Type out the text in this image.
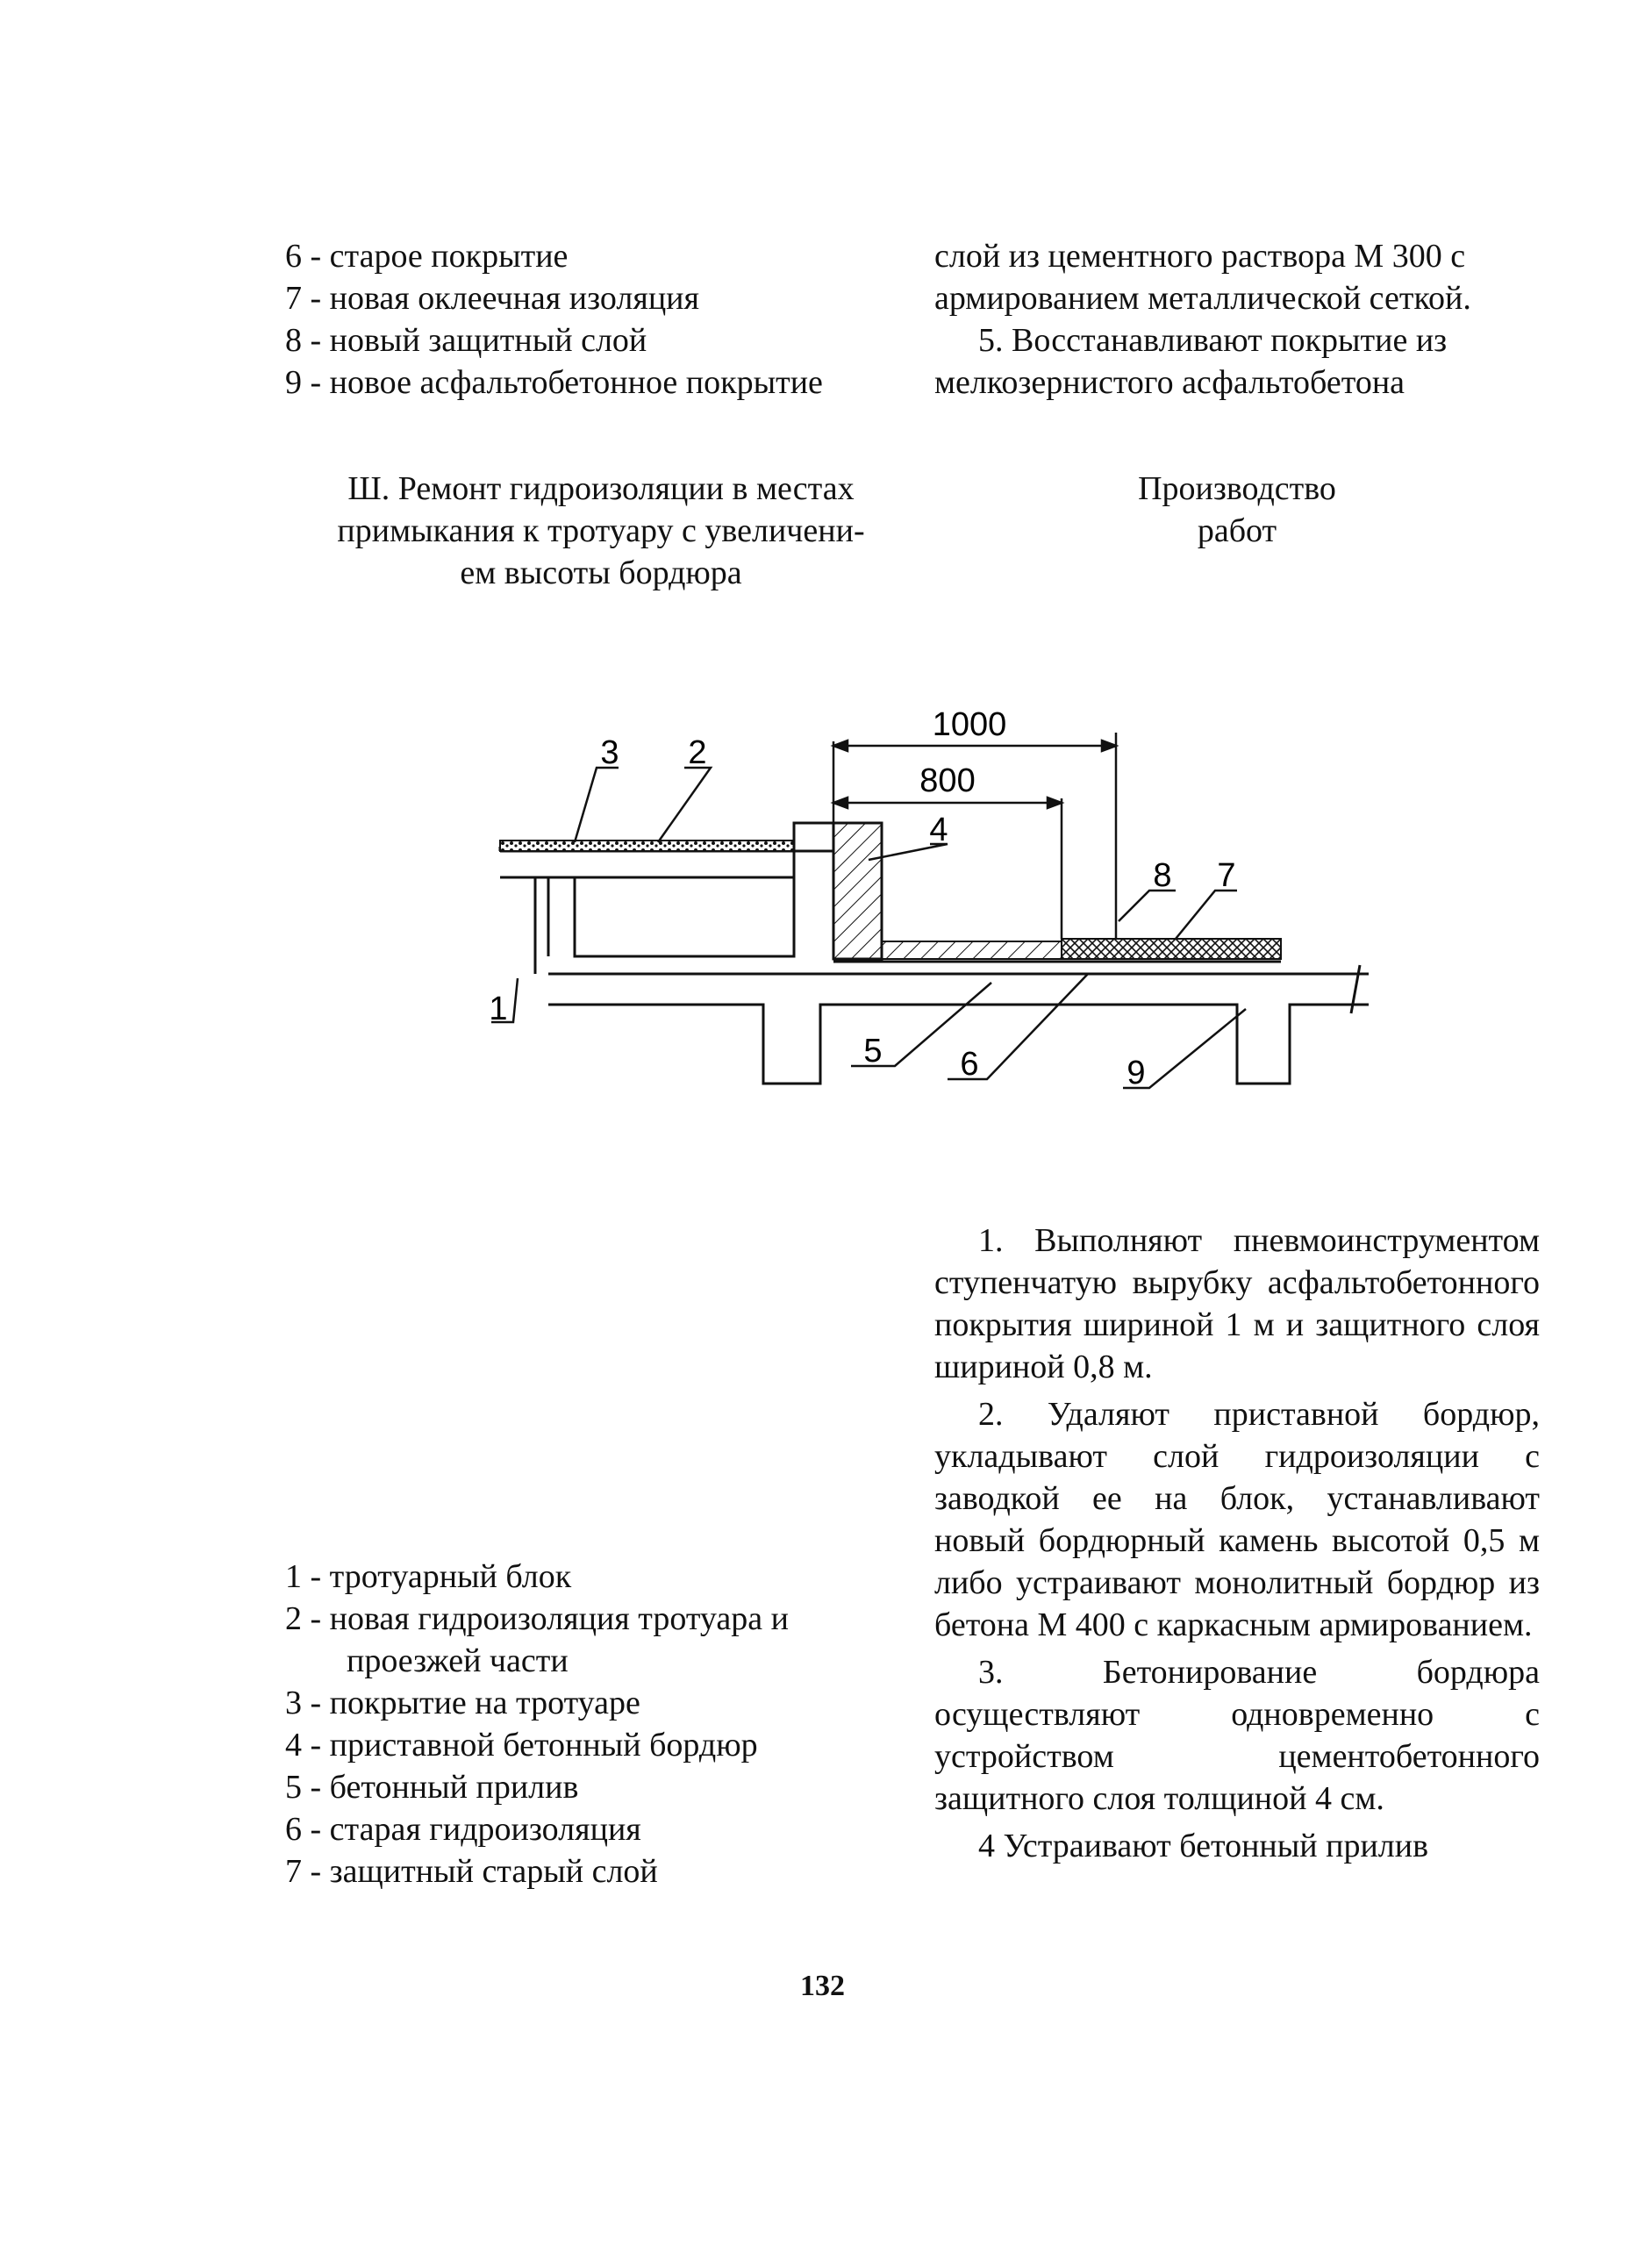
6 - старое покрытие
7 - новая оклеечная изоляция
8 - новый защитный слой
9 - новое асфальтобетонное покрытие
слой из цементного раствора М 300 с
армированием металлической сеткой.
5. Восстанавливают покрытие из мелкозернистого асфальтобетона
Ш. Ремонт гидроизоляции в местах
примыкания к тротуару с увеличени-
ем высоты бордюра
Производство
работ
1000
800
1
2
3
4
5 6
7
8
9

1. Выполняют пневмоинструментом ступенчатую вырубку асфальтобетонного покрытия шириной 1 м и защитного слоя шириной 0,8 м.

2. Удаляют приставной бордюр, укладывают слой гидроизоляции с заводкой ее на блок, устанавливают новый бордюрный камень высотой 0,5 м либо устраивают монолитный бордюр из бетона М 400 с каркасным армированием.

3. Бетонирование бордюра осуществляют одновременно с устройством цементобетонного защитного слоя толщиной 4 см.

4 Устраивают бетонный прилив

1 - тротуарный блок
2 - новая гидроизоляция тротуара и
проезжей части
3 - покрытие на тротуаре
4 - приставной бетонный бордюр
5 - бетонный прилив
6 - старая гидроизоляция
7 - защитный старый слой
132
